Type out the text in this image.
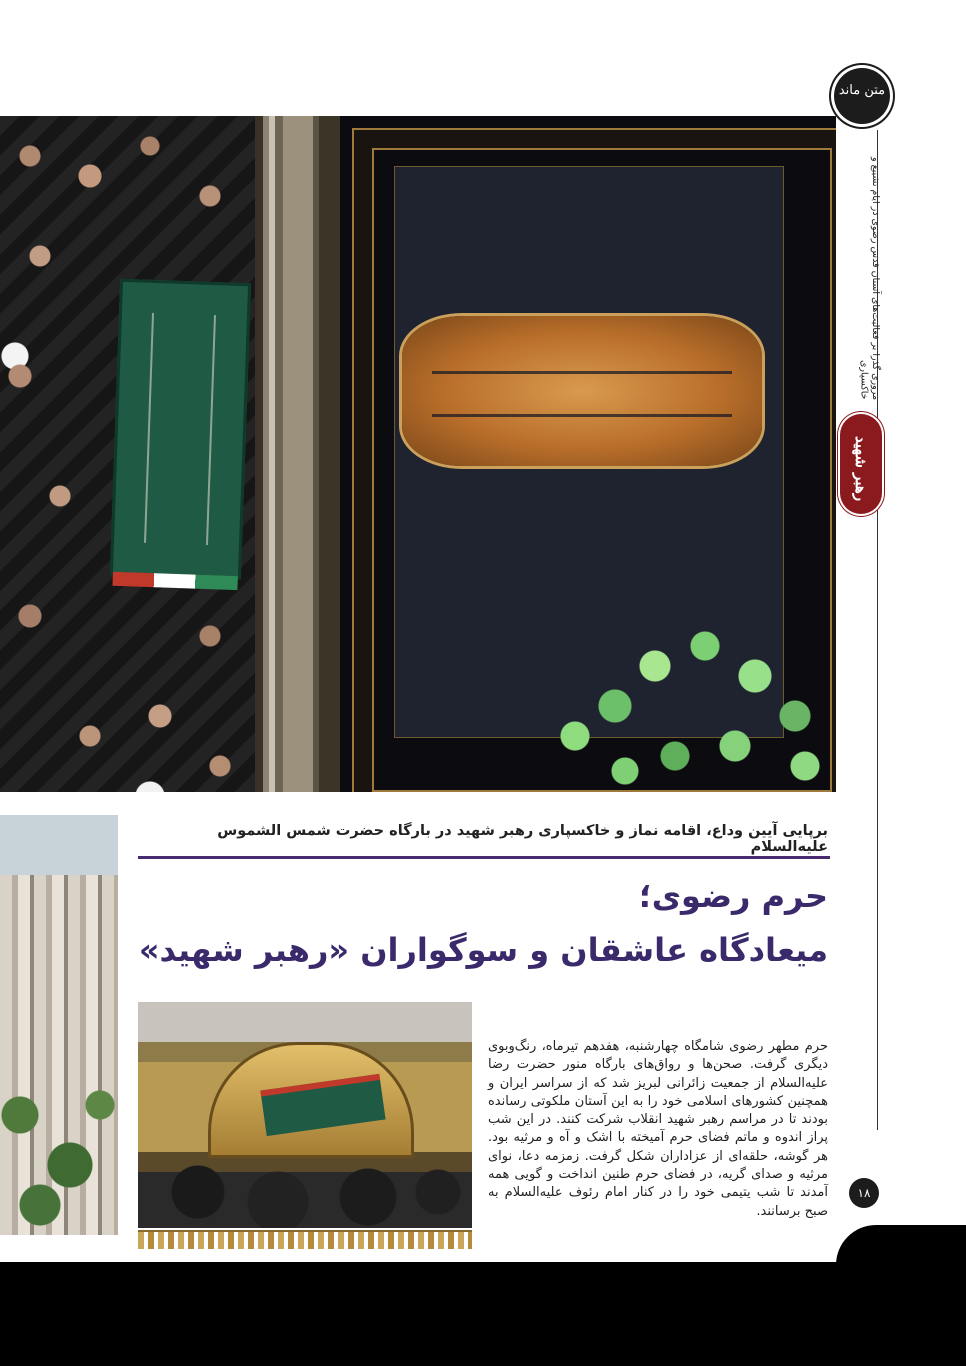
متن ماند
مروری گذرا بر فعالیت‌های آستان قدس رضوی در ایام تشییع و خاکسپاری
رهبر شهید
برپایی آیین وداع، اقامه نماز و خاکسپاری رهبر شهید در بارگاه حضرت شمس الشموس علیه‌السلام
حرم رضوی؛
میعادگاه عاشقان و سوگواران «رهبر شهید»
حرم مطهر رضوی شامگاه چهارشنبه، هفدهم تیرماه، رنگ‌وبوی دیگری گرفت. صحن‌ها و رواق‌های بارگاه منور حضرت رضا علیه‌السلام از جمعیت زائرانی لبریز شد که از سراسر ایران و همچنین کشورهای اسلامی خود را به این آستان ملکوتی رسانده بودند تا در مراسم رهبر شهید انقلاب شرکت کنند. در این شب پراز اندوه و ماتم فضای حرم آمیخته با اشک و آه و مرثیه بود. هر گوشه، حلقه‌ای از عزاداران شکل گرفت. زمزمه دعا، نوای مرثیه و صدای گریه، در فضای حرم طنین انداخت و گویی همه آمدند تا شب یتیمی خود را در کنار امام رئوف علیه‌السلام به صبح برسانند.
۱۸
